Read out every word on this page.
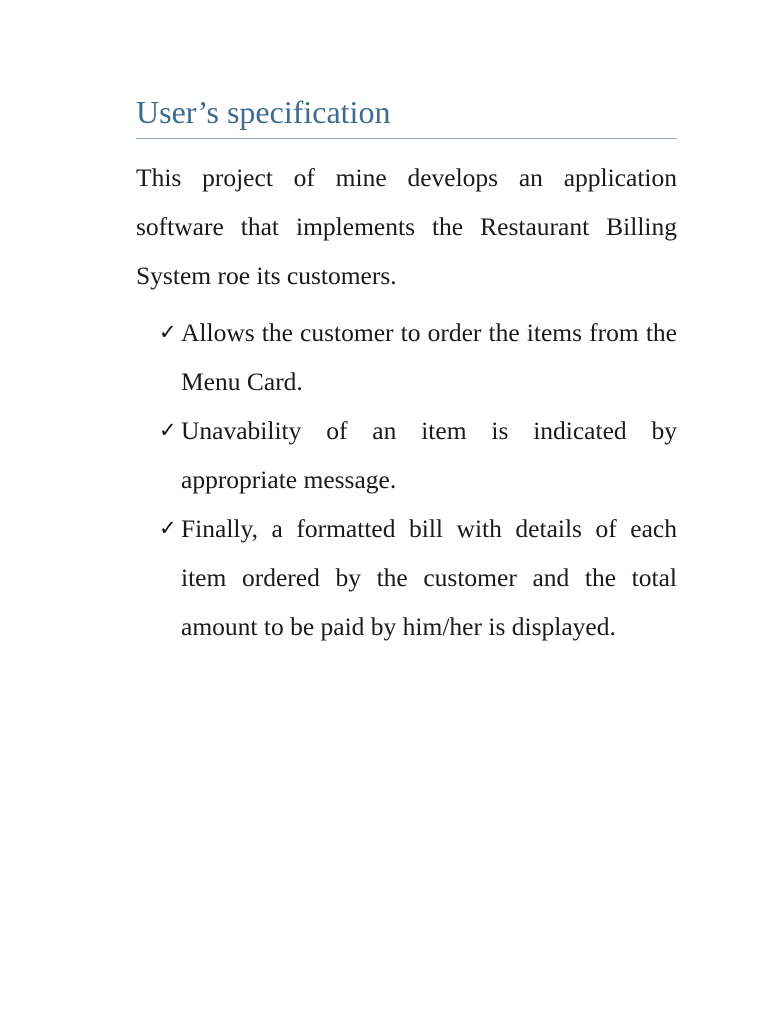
User’s specification

This project of mine develops an application software that implements the Restaurant Billing System roe its customers.

✓ Allows the customer to order the items from the Menu Card.
✓ Unavability of an item is indicated by appropriate message.
✓ Finally, a formatted bill with details of each item ordered by the customer and the total amount to be paid by him/her is displayed.
